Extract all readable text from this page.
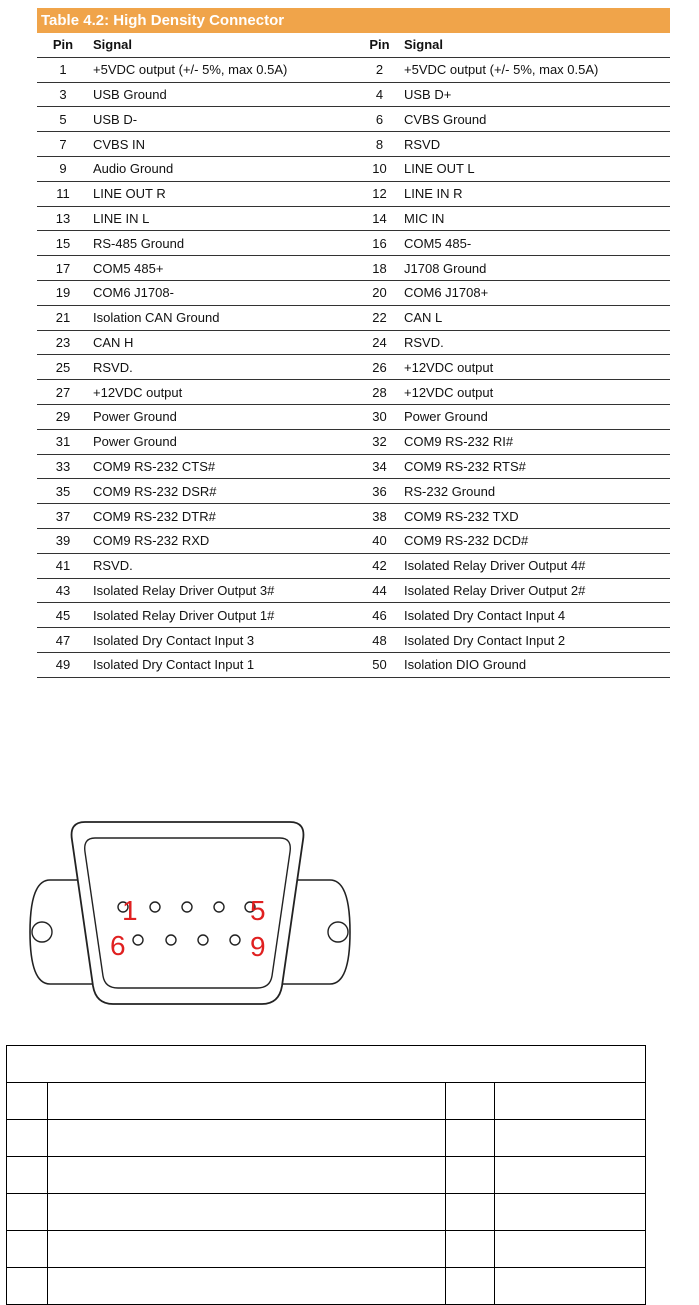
Table 4.2: High Density Connector
Pin	Signal	Pin	Signal
1	+5VDC output (+/- 5%, max 0.5A)	2	+5VDC output (+/- 5%, max 0.5A)
3	USB Ground	4	USB D+
5	USB D-	6	CVBS Ground
7	CVBS IN	8	RSVD
9	Audio Ground	10	LINE OUT L
11	LINE OUT R	12	LINE IN R
13	LINE IN L	14	MIC IN
15	RS-485 Ground	16	COM5 485-
17	COM5 485+	18	J1708 Ground
19	COM6 J1708-	20	COM6 J1708+
21	Isolation CAN Ground	22	CAN L
23	CAN H	24	RSVD.
25	RSVD.	26	+12VDC output
27	+12VDC output	28	+12VDC output
29	Power Ground	30	Power Ground
31	Power Ground	32	COM9 RS-232 RI#
33	COM9 RS-232 CTS#	34	COM9 RS-232 RTS#
35	COM9 RS-232 DSR#	36	RS-232 Ground
37	COM9 RS-232 DTR#	38	COM9 RS-232 TXD
39	COM9 RS-232 RXD	40	COM9 RS-232 DCD#
41	RSVD.	42	Isolated Relay Driver Output 4#
43	Isolated Relay Driver Output 3#	44	Isolated Relay Driver Output 2#
45	Isolated Relay Driver Output 1#	46	Isolated Dry Contact Input 4
47	Isolated Dry Contact Input 3	48	Isolated Dry Contact Input 2
49	Isolated Dry Contact Input 1	50	Isolation DIO Ground
1	5
6	9
